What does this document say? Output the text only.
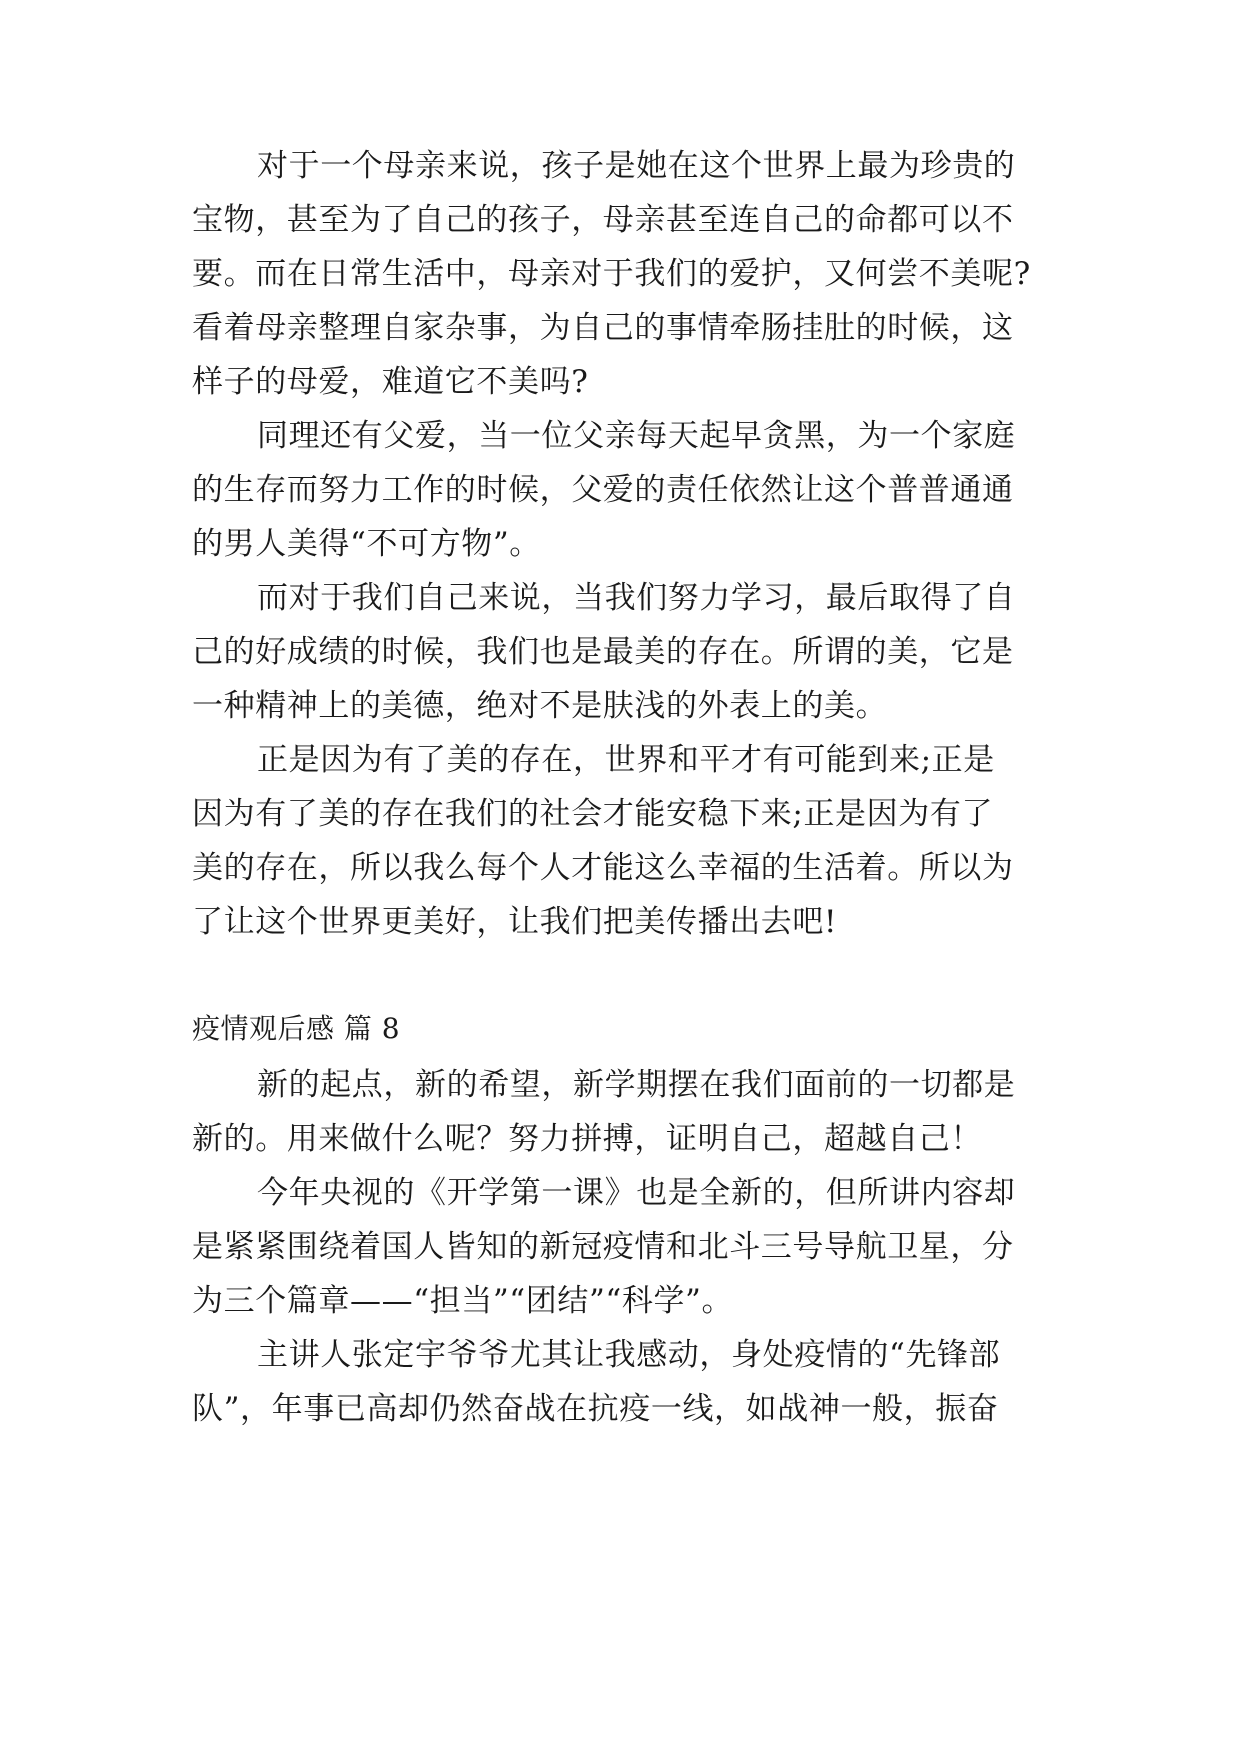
对于一个母亲来说，孩子是她在这个世界上最为珍贵的
宝物，甚至为了自己的孩子，母亲甚至连自己的命都可以不
要。而在日常生活中，母亲对于我们的爱护，又何尝不美呢?
看着母亲整理自家杂事，为自己的事情牵肠挂肚的时候，这
样子的母爱，难道它不美吗?
同理还有父爱，当一位父亲每天起早贪黑，为一个家庭
的生存而努力工作的时候，父爱的责任依然让这个普普通通
的男人美得“不可方物”。
而对于我们自己来说，当我们努力学习，最后取得了自
己的好成绩的时候，我们也是最美的存在。所谓的美，它是
一种精神上的美德，绝对不是肤浅的外表上的美。
正是因为有了美的存在，世界和平才有可能到来;正是
因为有了美的存在我们的社会才能安稳下来;正是因为有了
美的存在，所以我么每个人才能这么幸福的生活着。所以为
了让这个世界更美好，让我们把美传播出去吧!
疫情观后感 篇 8
新的起点，新的希望，新学期摆在我们面前的一切都是
新的。用来做什么呢？努力拼搏，证明自己，超越自己！
今年央视的《开学第一课》也是全新的，但所讲内容却
是紧紧围绕着国人皆知的新冠疫情和北斗三号导航卫星，分
为三个篇章——“担当”“团结”“科学”。
主讲人张定宇爷爷尤其让我感动，身处疫情的“先锋部
队”，年事已高却仍然奋战在抗疫一线，如战神一般，振奋
